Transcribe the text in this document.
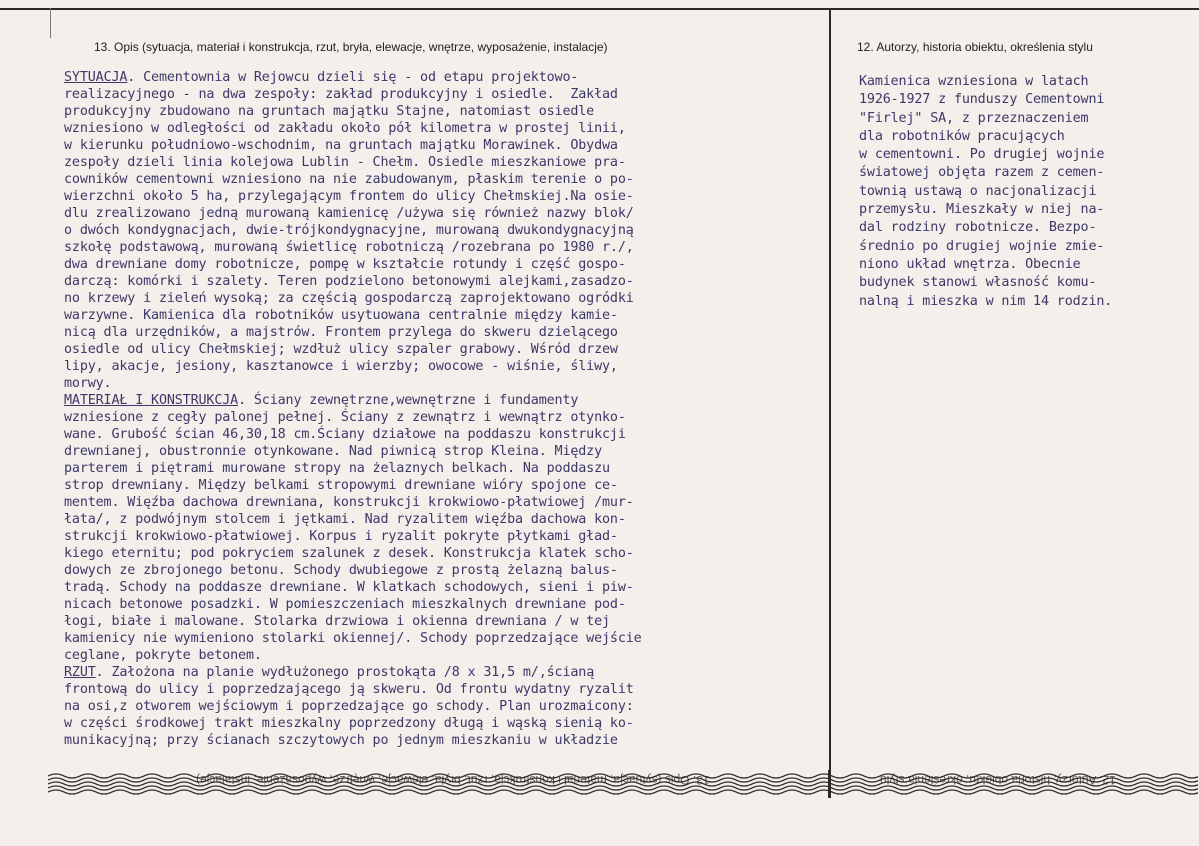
13. Opis (sytuacja, materiał i konstrukcja, rzut, bryła, elewacje, wnętrze, wyposażenie, instalacje)	12. Autorzy, historia obiektu, określenia stylu
SYTUACJA. Cementownia w Rejowcu dzieli się - od etapu projektowo-
realizacyjnego - na dwa zespoły: zakład produkcyjny i osiedle.  Zakład
produkcyjny zbudowano na gruntach majątku Stajne, natomiast osiedle
wzniesiono w odległości od zakładu około pół kilometra w prostej linii,
w kierunku południowo-wschodnim, na gruntach majątku Morawinek. Obydwa
zespoły dzieli linia kolejowa Lublin - Chełm. Osiedle mieszkaniowe pra-
cowników cementowni wzniesiono na nie zabudowanym, płaskim terenie o po-
wierzchni około 5 ha, przylegającym frontem do ulicy Chełmskiej.Na osie-
dlu zrealizowano jedną murowaną kamienicę /używa się również nazwy blok/
o dwóch kondygnacjach, dwie-trójkondygnacyjne, murowaną dwukondygnacyjną
szkołę podstawową, murowaną świetlicę robotniczą /rozebrana po 1980 r./,
dwa drewniane domy robotnicze, pompę w kształcie rotundy i część gospo-
darczą: komórki i szalety. Teren podzielono betonowymi alejkami,zasadzo-
no krzewy i zieleń wysoką; za częścią gospodarczą zaprojektowano ogródki
warzywne. Kamienica dla robotników usytuowana centralnie między kamie-
nicą dla urzędników, a majstrów. Frontem przylega do skweru dzielącego
osiedle od ulicy Chełmskiej; wzdłuż ulicy szpaler grabowy. Wśród drzew
lipy, akacje, jesiony, kasztanowce i wierzby; owocowe - wiśnie, śliwy,
morwy.
MATERIAŁ I KONSTRUKCJA. Ściany zewnętrzne,wewnętrzne i fundamenty
wzniesione z cegły palonej pełnej. Ściany z zewnątrz i wewnątrz otynko-
wane. Grubość ścian 46,30,18 cm.Ściany działowe na poddaszu konstrukcji
drewnianej, obustronnie otynkowane. Nad piwnicą strop Kleina. Między
parterem i piętrami murowane stropy na żelaznych belkach. Na poddaszu
strop drewniany. Między belkami stropowymi drewniane wióry spojone ce-
mentem. Więźba dachowa drewniana, konstrukcji krokwiowo-płatwiowej /mur-
łata/, z podwójnym stolcem i jętkami. Nad ryzalitem więźba dachowa kon-
strukcji krokwiowo-płatwiowej. Korpus i ryzalit pokryte płytkami gład-
kiego eternitu; pod pokryciem szalunek z desek. Konstrukcja klatek scho-
dowych ze zbrojonego betonu. Schody dwubiegowe z prostą żelazną balus-
tradą. Schody na poddasze drewniane. W klatkach schodowych, sieni i piw-
nicach betonowe posadzki. W pomieszczeniach mieszkalnych drewniane pod-
łogi, białe i malowane. Stolarka drzwiowa i okienna drewniana / w tej
kamienicy nie wymieniono stolarki okiennej/. Schody poprzedzające wejście
ceglane, pokryte betonem.
RZUT. Założona na planie wydłużonego prostokąta /8 x 31,5 m/,ścianą
frontową do ulicy i poprzedzającego ją skweru. Od frontu wydatny ryzalit
na osi,z otworem wejściowym i poprzedzające go schody. Plan urozmaicony:
w części środkowej trakt mieszkalny poprzedzony długą i wąską sienią ko-
munikacyjną; przy ścianach szczytowych po jednym mieszkaniu w układzie
Kamienica wzniesiona w latach
1926-1927 z funduszy Cementowni
"Firlej" SA, z przeznaczeniem
dla robotników pracujących
w cementowni. Po drugiej wojnie
światowej objęta razem z cemen-
townią ustawą o nacjonalizacji
przemysłu. Mieszkały w niej na-
dal rodziny robotnicze. Bezpo-
średnio po drugiej wojnie zmie-
niono układ wnętrza. Obecnie
budynek stanowi własność komu-
nalną i mieszka w nim 14 rodzin.
13. Opis (sytuacja, materiał i konstrukcja, rzut, bryła, elewacje, wnętrze, wyposażenie, instalacje)	12. Autorzy, historia obiektu, określenia stylu
